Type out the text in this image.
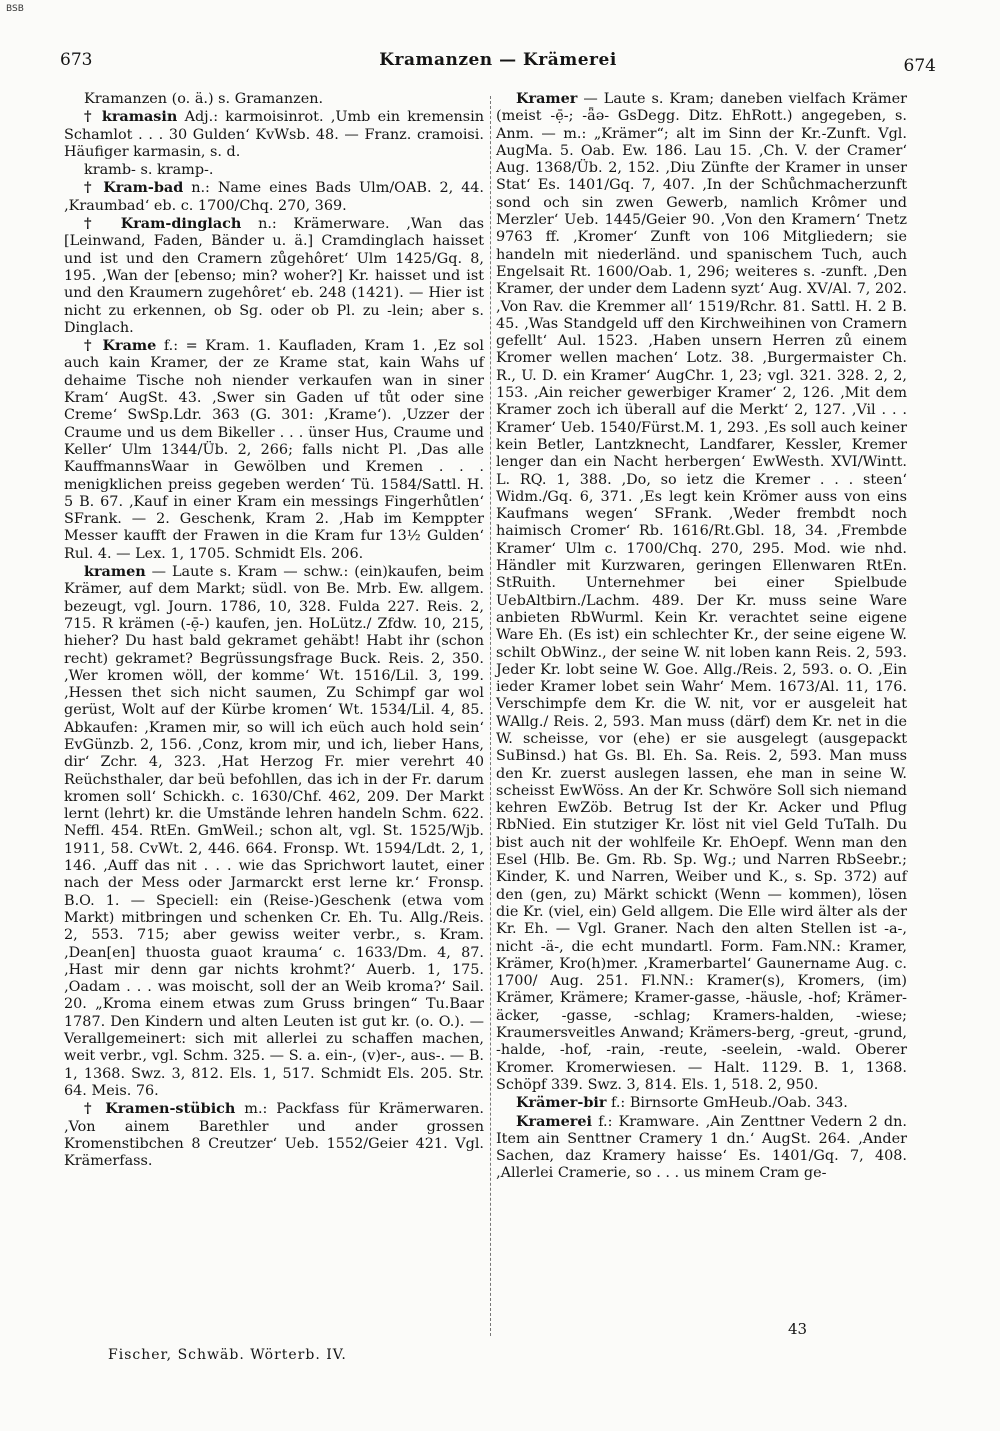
BSB
673	Kramanzen — Krämerei	674

Kramanzen (o. ä.) s. Gramanzen.

† kramasin Adj.: karmoisinrot. ‚Umb ein kremensin Schamlot . . . 30 Gulden‘ KvWsb. 48. — Franz. cramoisi. Häufiger karmasin, s. d.

kramb- s. kramp-.

† Kram-bad n.: Name eines Bads Ulm/OAB. 2, 44. ‚Kraumbad‘ eb. c. 1700/Chq. 270, 369.

† Kram-dinglach n.: Krämerware. ‚Wan das [Leinwand, Faden, Bänder u. ä.] Cramdinglach haisset und ist und den Cramern zůgehôret‘ Ulm 1425/Gq. 8, 195. ‚Wan der [ebenso; min? woher?] Kr. haisset und ist und den Kraumern zugehôret‘ eb. 248 (1421). — Hier ist nicht zu erkennen, ob Sg. oder ob Pl. zu -lein; aber s. Dinglach.

† Krame f.: = Kram. 1. Kaufladen, Kram 1. ‚Ez sol auch kain Kramer, der ze Krame stat, kain Wahs uf dehaime Tische noh niender verkaufen wan in siner Kram‘ AugSt. 43. ‚Swer sin Gaden uf tůt oder sine Creme‘ SwSp.Ldr. 363 (G. 301: ‚Krame‘). ‚Uzzer der Craume und us dem Bikeller . . . ünser Hus, Craume und Keller‘ Ulm 1344/Üb. 2, 266; falls nicht Pl. ‚Das alle KauffmannsWaar in Gewölben und Kremen . . . menigklichen preiss gegeben werden‘ Tü. 1584/Sattl. H. 5 B. 67. ‚Kauf in einer Kram ein messings Fingerhůtlen‘ SFrank. — 2. Geschenk, Kram 2. ‚Hab im Kemppter Messer kaufft der Frawen in die Kram fur 13½ Gulden‘ Rul. 4. — Lex. 1, 1705. Schmidt Els. 206.

kramen — Laute s. Kram — schw.: (ein)kaufen, beim Krämer, auf dem Markt; südl. von Be. Mrb. Ew. allgem. bezeugt, vgl. Journ. 1786, 10, 328. Fulda 227. Reis. 2, 715. R krämen (-ẹ̄-) kaufen, jen. HoLütz./ Zfdw. 10, 215, hieher? Du hast bald gekramet gehäbt! Habt ihr (schon recht) gekramet? Begrüssungsfrage Buck. Reis. 2, 350. ‚Wer kromen wöll, der komme‘ Wt. 1516/Lil. 3, 199. ‚Hessen thet sich nicht saumen, Zu Schimpf gar wol gerüst, Wolt auf der Kürbe kromen‘ Wt. 1534/Lil. 4, 85. Abkaufen: ‚Kramen mir, so will ich eüch auch hold sein‘ EvGünzb. 2, 156. ‚Conz, krom mir, und ich, lieber Hans, dir‘ Zchr. 4, 323. ‚Hat Herzog Fr. mier verehrt 40 Reüchsthaler, dar beü befohllen, das ich in der Fr. darum kromen soll‘ Schickh. c. 1630/Chf. 462, 209. Der Markt lernt (lehrt) kr. die Umstände lehren handeln Schm. 622. Neffl. 454. RtEn. GmWeil.; schon alt, vgl. St. 1525/Wjb. 1911, 58. CvWt. 2, 446. 664. Fronsp. Wt. 1594/Ldt. 2, 1, 146. ‚Auff das nit . . . wie das Sprichwort lautet, einer nach der Mess oder Jarmarckt erst lerne kr.‘ Fronsp. B.O. 1. — Speciell: ein (Reise-)Geschenk (etwa vom Markt) mitbringen und schenken Cr. Eh. Tu. Allg./Reis. 2, 553. 715; aber gewiss weiter verbr., s. Kram. ‚Dean[en] thuosta guaot krauma‘ c. 1633/Dm. 4, 87. ‚Hast mir denn gar nichts krohmt?‘ Auerb. 1, 175. ‚Oadam . . . was moischt, soll der an Weib kroma?‘ Sail. 20. „Kroma einem etwas zum Gruss bringen“ Tu.Baar 1787. Den Kindern und alten Leuten ist gut kr. (o. O.). — Verallgemeinert: sich mit allerlei zu schaffen machen, weit verbr., vgl. Schm. 325. — S. a. ein-, (v)er-, aus-. — B. 1, 1368. Swz. 3, 812. Els. 1, 517. Schmidt Els. 205. Str. 64. Meis. 76.

† Kramen-stübich m.: Packfass für Krämerwaren. ‚Von ainem Barethler und ander grossen Kromenstibchen 8 Creutzer‘ Ueb. 1552/Geier 421. Vgl. Krämerfass.

Kramer — Laute s. Kram; daneben vielfach Krämer (meist -ẹ̄-; -ǟə- GsDegg. Ditz. EhRott.) angegeben, s. Anm. — m.: „Krämer“; alt im Sinn der Kr.-Zunft. Vgl. AugMa. 5. Oab. Ew. 186. Lau 15. ‚Ch. V. der Cramer‘ Aug. 1368/Üb. 2, 152. ‚Diu Zünfte der Kramer in unser Stat‘ Es. 1401/Gq. 7, 407. ‚In der Schůchmacherzunft sond och sin zwen Gewerb, namlich Krômer und Merzler‘ Ueb. 1445/Geier 90. ‚Von den Kramern‘ Tnetz 9763 ff. ‚Kromer‘ Zunft von 106 Mitgliedern; sie handeln mit niederländ. und spanischem Tuch, auch Engelsait Rt. 1600/Oab. 1, 296; weiteres s. -zunft. ‚Den Kramer, der under dem Ladenn syzt‘ Aug. XV/Al. 7, 202. ‚Von Rav. die Kremmer all‘ 1519/Rchr. 81. Sattl. H. 2 B. 45. ‚Was Standgeld uff den Kirchweihinen von Cramern gefellt‘ Aul. 1523. ‚Haben unsern Herren zů einem Kromer wellen machen‘ Lotz. 38. ‚Burgermaister Ch. R., U. D. ein Kramer‘ AugChr. 1, 23; vgl. 321. 328. 2, 2, 153. ‚Ain reicher gewerbiger Kramer‘ 2, 126. ‚Mit dem Kramer zoch ich überall auf die Merkt‘ 2, 127. ‚Vil . . . Kramer‘ Ueb. 1540/Fürst.M. 1, 293. ‚Es soll auch keiner kein Betler, Lantzknecht, Landfarer, Kessler, Kremer lenger dan ein Nacht herbergen‘ EwWesth. XVI/Wintt. L. RQ. 1, 388. ‚Do, so ietz die Kremer . . . steen‘ Widm./Gq. 6, 371. ‚Es legt kein Krömer auss von eins Kaufmans wegen‘ SFrank. ‚Weder frembdt noch haimisch Cromer‘ Rb. 1616/Rt.Gbl. 18, 34. ‚Frembde Kramer‘ Ulm c. 1700/Chq. 270, 295. Mod. wie nhd. Händler mit Kurzwaren, geringen Ellenwaren RtEn. StRuith. Unternehmer bei einer Spielbude UebAltbirn./Lachm. 489. Der Kr. muss seine Ware anbieten RbWurml. Kein Kr. verachtet seine eigene Ware Eh. (Es ist) ein schlechter Kr., der seine eigene W. schilt ObWinz., der seine W. nit loben kann Reis. 2, 593. Jeder Kr. lobt seine W. Goe. Allg./Reis. 2, 593. o. O. ‚Ein ieder Kramer lobet sein Wahr‘ Mem. 1673/Al. 11, 176. Verschimpfe dem Kr. die W. nit, vor er ausgeleit hat WAllg./ Reis. 2, 593. Man muss (därf) dem Kr. net in die W. scheisse, vor (ehe) er sie ausgelegt (ausgepackt SuBinsd.) hat Gs. Bl. Eh. Sa. Reis. 2, 593. Man muss den Kr. zuerst auslegen lassen, ehe man in seine W. scheisst EwWöss. An der Kr. Schwöre Soll sich niemand kehren EwZöb. Betrug Ist der Kr. Acker und Pflug RbNied. Ein stutziger Kr. löst nit viel Geld TuTalh. Du bist auch nit der wohlfeile Kr. EhOepf. Wenn man den Esel (Hlb. Be. Gm. Rb. Sp. Wg.; und Narren RbSeebr.; Kinder, K. und Narren, Weiber und K., s. Sp. 372) auf den (gen, zu) Märkt schickt (Wenn — kommen), lösen die Kr. (viel, ein) Geld allgem. Die Elle wird älter als der Kr. Eh. — Vgl. Graner. Nach den alten Stellen ist -a-, nicht -ä-, die echt mundartl. Form. Fam.NN.: Kramer, Krämer, Kro(h)mer. ‚Kramerbartel‘ Gaunername Aug. c. 1700/ Aug. 251. Fl.NN.: Kramer(s), Kromers, (im) Krämer, Krämere; Kramer-gasse, -häusle, -hof; Krämer-äcker, -gasse, -schlag; Kramers-halden, -wiese; Kraumersveitles Anwand; Krämers-berg, -greut, -grund, -halde, -hof, -rain, -reute, -seelein, -wald. Oberer Kromer. Kromerwiesen. — Halt. 1129. B. 1, 1368. Schöpf 339. Swz. 3, 814. Els. 1, 518. 2, 950.

Krämer-bir f.: Birnsorte GmHeub./Oab. 343.

Kramerei f.: Kramware. ‚Ain Zenttner Vedern 2 dn. Item ain Senttner Cramery 1 dn.‘ AugSt. 264. ‚Ander Sachen, daz Kramery haisse‘ Es. 1401/Gq. 7, 408. ‚Allerlei Cramerie, so . . . us minem Cram ge-

43
Fischer, Schwäb. Wörterb. IV.
